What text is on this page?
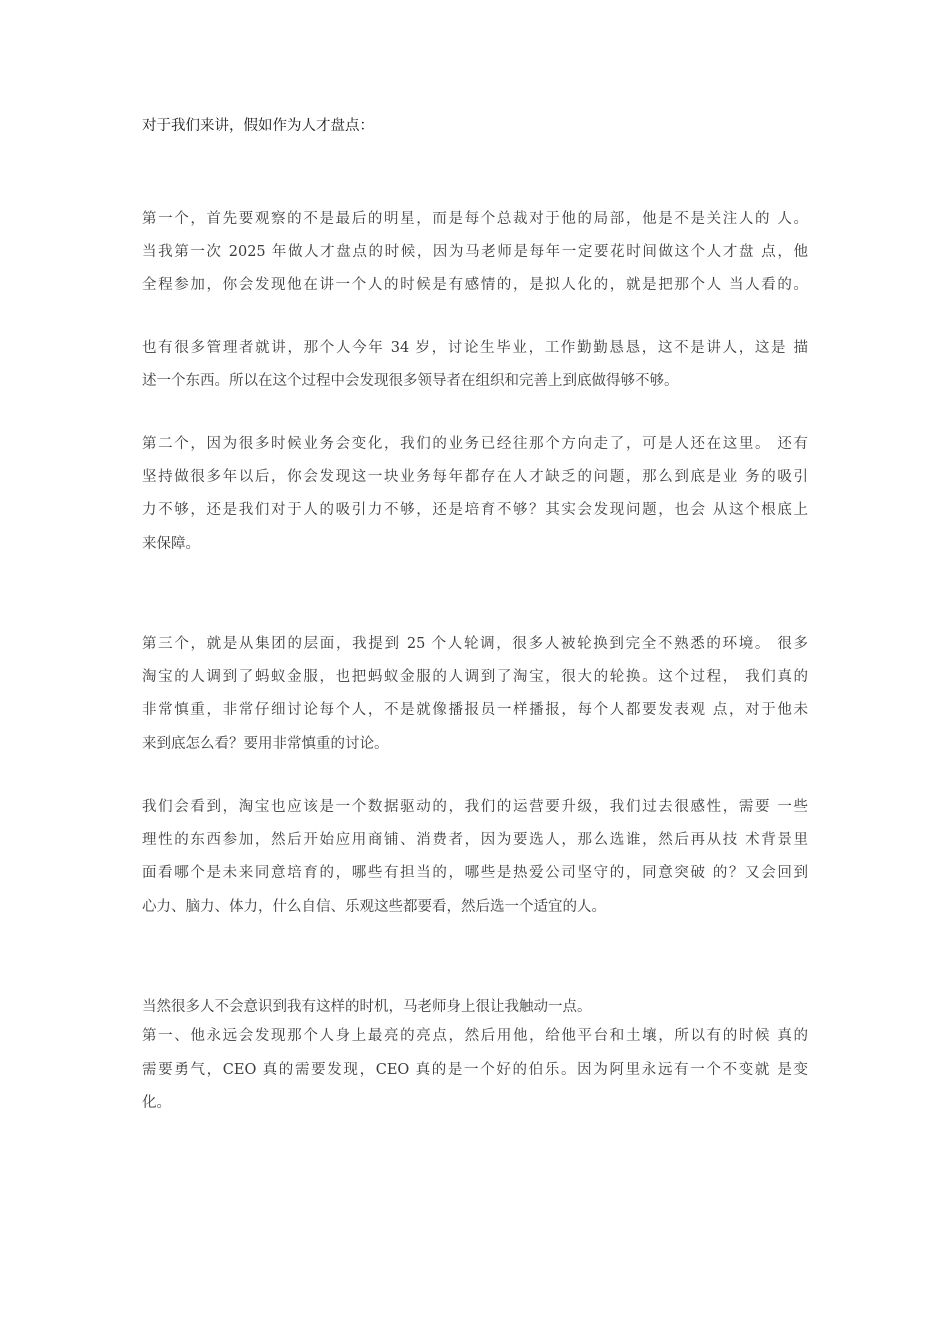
对于我们来讲，假如作为人才盘点：
第一个，首先要观察的不是最后的明星，而是每个总裁对于他的局部，他是不是关注人的 人。
当我第一次 2025 年做人才盘点的时候，因为马老师是每年一定要花时间做这个人才盘 点，他
全程参加，你会发现他在讲一个人的时候是有感情的，是拟人化的，就是把那个人 当人看的。
也有很多管理者就讲，那个人今年 34 岁，讨论生毕业，工作勤勤恳恳，这不是讲人，这是 描
述一个东西。所以在这个过程中会发现很多领导者在组织和完善上到底做得够不够。
第二个，因为很多时候业务会变化，我们的业务已经往那个方向走了，可是人还在这里。 还有
坚持做很多年以后，你会发现这一块业务每年都存在人才缺乏的问题，那么到底是业 务的吸引
力不够，还是我们对于人的吸引力不够，还是培育不够？其实会发现问题，也会 从这个根底上
来保障。
第三个，就是从集团的层面，我提到 25 个人轮调，很多人被轮换到完全不熟悉的环境。 很多
淘宝的人调到了蚂蚁金服，也把蚂蚁金服的人调到了淘宝，很大的轮换。这个过程， 我们真的
非常慎重，非常仔细讨论每个人，不是就像播报员一样播报，每个人都要发表观 点，对于他未
来到底怎么看？要用非常慎重的讨论。
我们会看到，淘宝也应该是一个数据驱动的，我们的运营要升级，我们过去很感性，需要 一些
理性的东西参加，然后开始应用商铺、消费者，因为要选人，那么选谁，然后再从技 术背景里
面看哪个是未来同意培育的，哪些有担当的，哪些是热爱公司坚守的，同意突破 的？又会回到
心力、脑力、体力，什么自信、乐观这些都要看，然后选一个适宜的人。
当然很多人不会意识到我有这样的时机，马老师身上很让我触动一点。
第一、他永远会发现那个人身上最亮的亮点，然后用他，给他平台和土壤，所以有的时候 真的
需要勇气，CEO 真的需要发现，CEO 真的是一个好的伯乐。因为阿里永远有一个不变就 是变
化。
